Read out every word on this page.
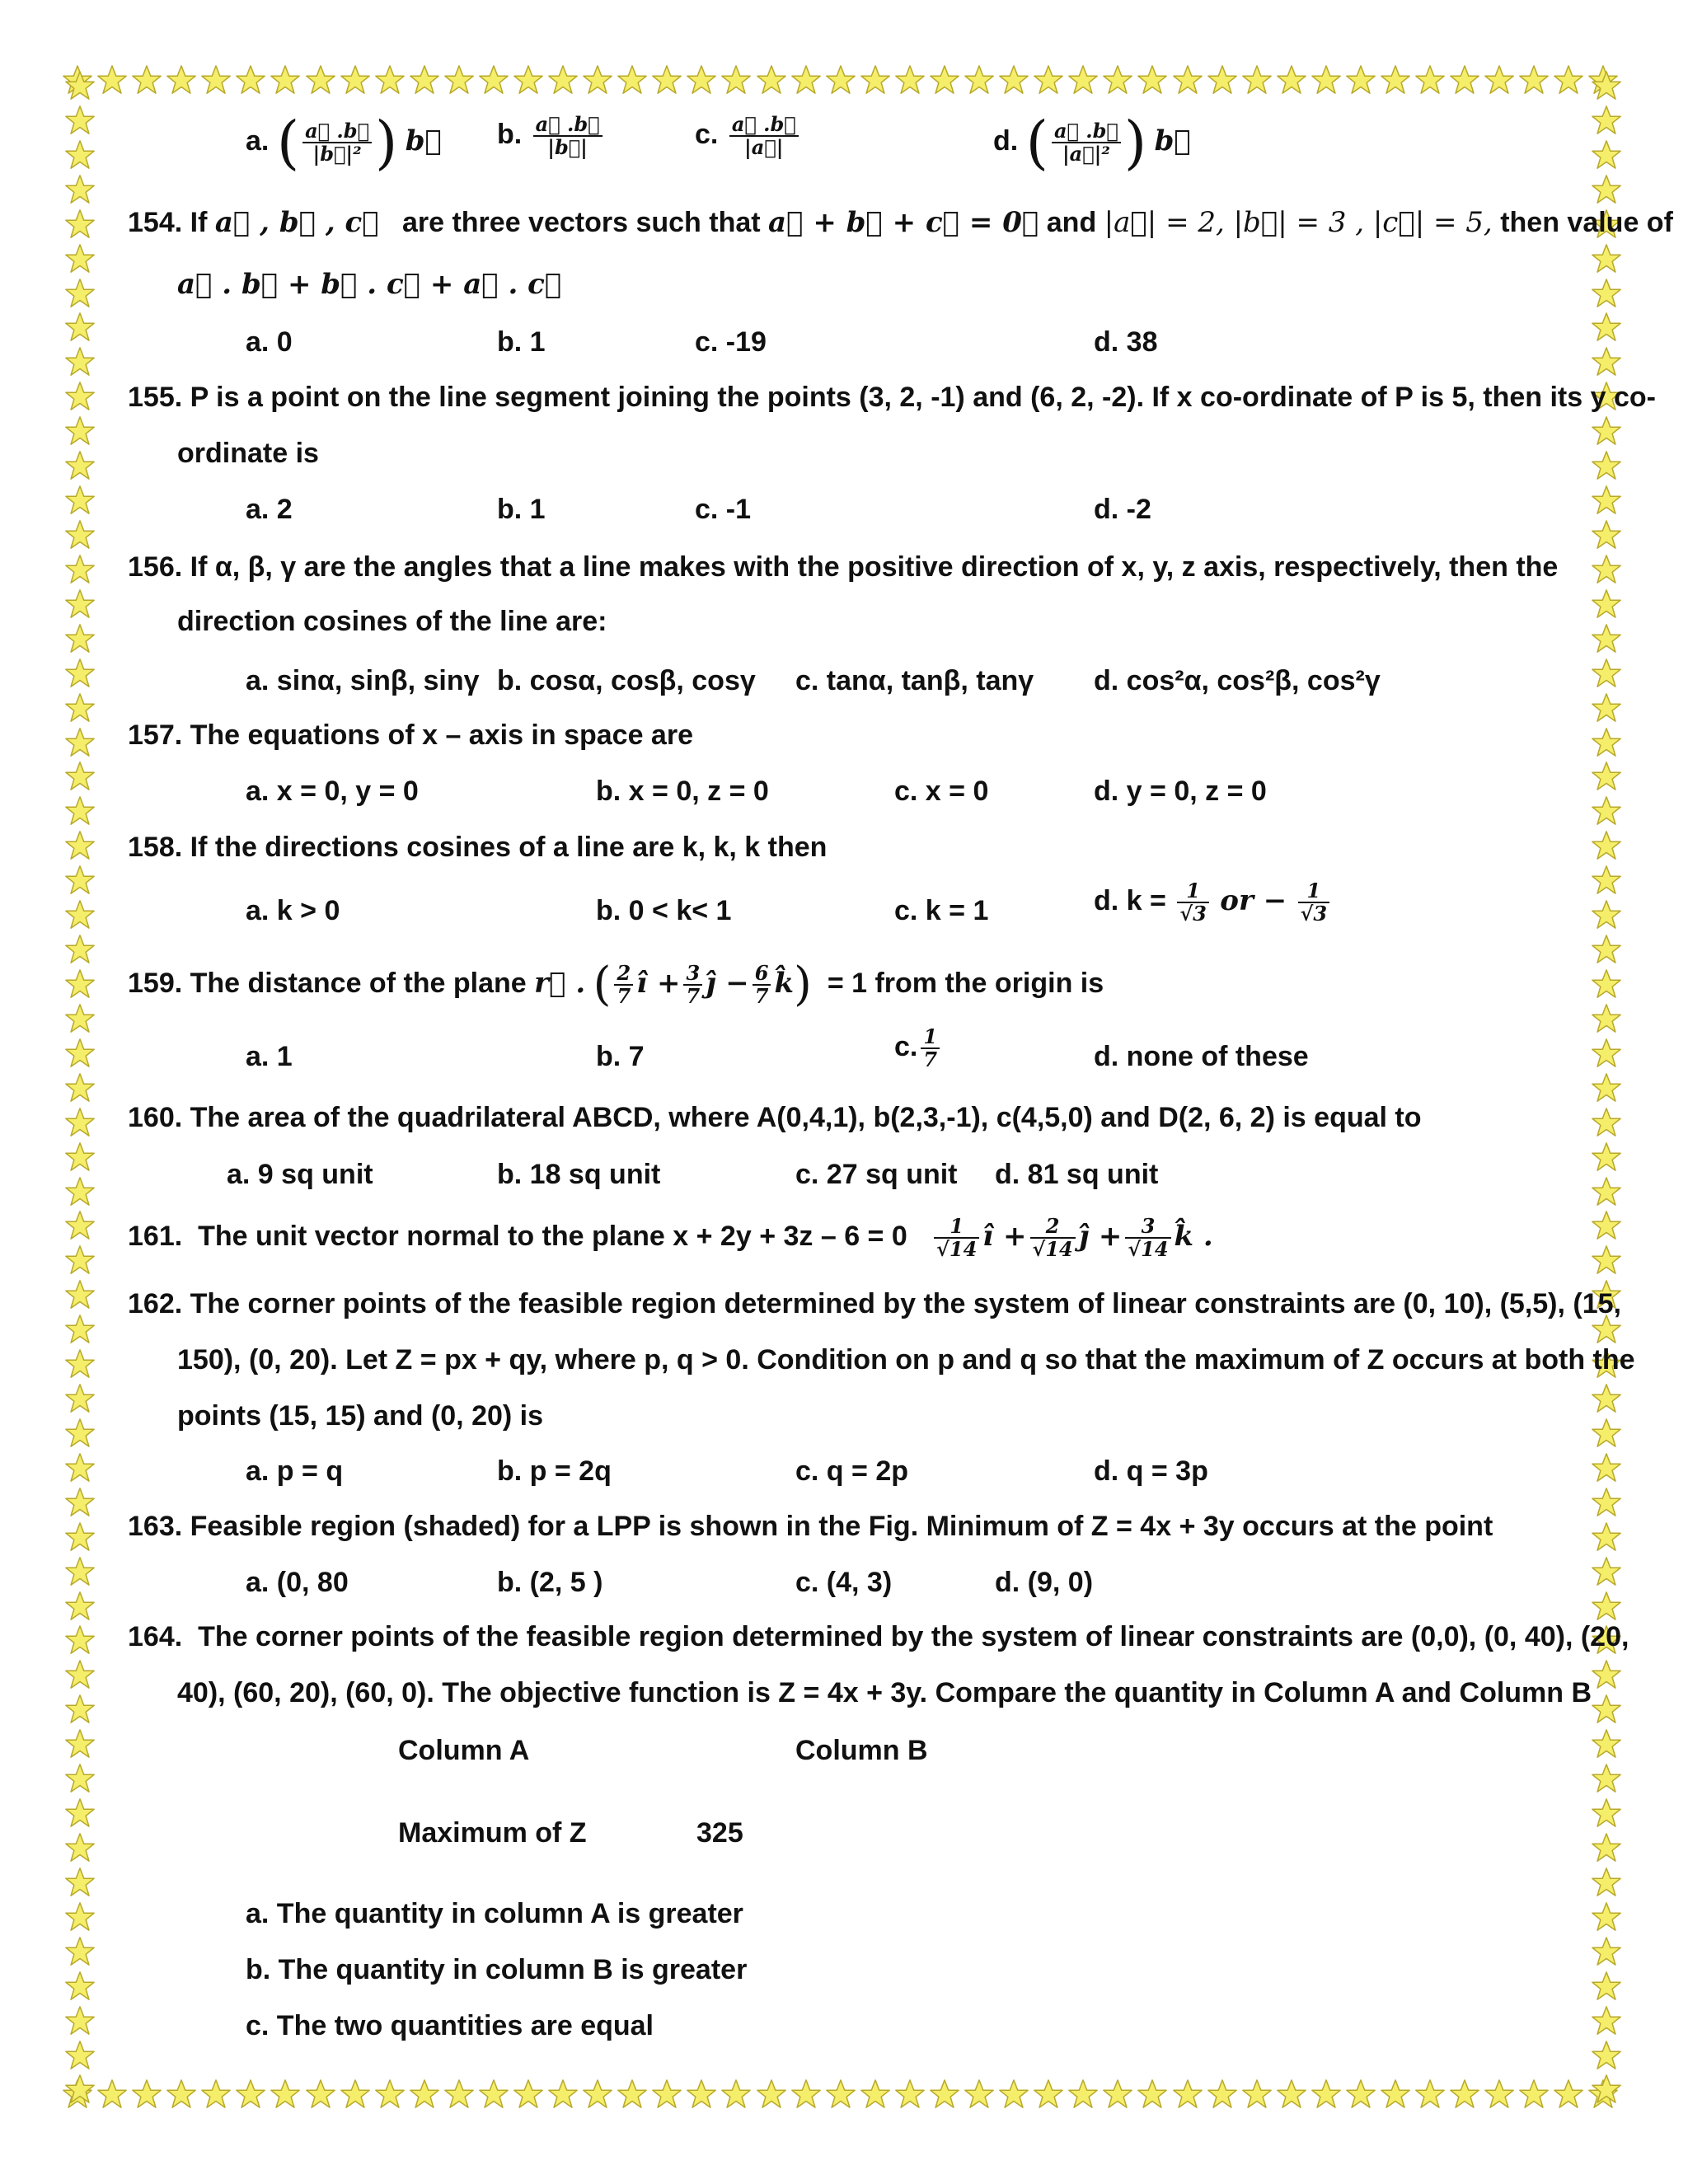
a. ( $\frac{a⃗ .b⃗}{\text{|b⃗|²}}$ ) b⃗ b. $\frac{a⃗ .b⃗}{|b⃗|}$	c. $\frac{a⃗ .b⃗}{|a⃗|}$	d. ( $\frac{a⃗ .b⃗}{\text{|a⃗|²}}$ ) b⃗
154. If a⃗ , b⃗ , c⃗ are three vectors such that a⃗ + b⃗ + c⃗ = 0⃗ and |a⃗| = 2, |b⃗| = 3 , |c⃗| = 5, then value of
a⃗ . b⃗ + b⃗ . c⃗ + a⃗ . c⃗
a. 0	b. 1	c. -19	d. 38
155. P is a point on the line segment joining the points (3, 2, -1) and (6, 2, -2). If x co-ordinate of P is 5, then its y co-
ordinate is
a. 2	b. 1	c. -1	d. -2
156. If α, β, γ are the angles that a line makes with the positive direction of x, y, z axis, respectively, then the
direction cosines of the line are:
a. sinα, sinβ, sinγ b. cosα, cosβ, cosγ c. tanα, tanβ, tanγ d. cos²α, cos²β, cos²γ
157. The equations of x – axis in space are
a. x = 0, y = 0	b. x = 0, z = 0	c. x = 0	d. y = 0, z = 0
158. If the directions cosines of a line are k, k, k then
a. k > 0	b. 0 < k< 1	c. k = 1	d. $k = \frac{1}{√3}$ or − $\frac{1}{√3}$
159. The distance of the plane r⃗ . ( $\frac{2}{7}$ î + $\frac{3}{7}$ ĵ − $\frac{6}{7}$ k̂) = 1 from the origin is
a. 1	b. 7	c. $\frac{1}{7}$	d. none of these
160. The area of the quadrilateral ABCD, where A(0,4,1), b(2,3,-1), c(4,5,0) and D(2, 6, 2) is equal to
a. 9 sq unit	b. 18 sq unit	c. 27 sq unit d. 81 sq unit
161. The unit vector normal to the plane $x + 2y + 3z - 6 = 0 \frac{1}{√14}$ î + $\frac{2}{√14}$ ĵ + $\frac{3}{√14}$ k̂ .
162. The corner points of the feasible region determined by the system of linear constraints are (0, 10), (5,5), (15,
150), (0, 20). Let Z = px + qy, where p, q > 0. Condition on p and q so that the maximum of Z occurs at both the
points (15, 15) and (0, 20) is
a. p = q	b. p = 2q	c. q = 2p	d. q = 3p
163. Feasible region (shaded) for a LPP is shown in the Fig. Minimum of Z = 4x + 3y occurs at the point
a. (0, 80	b. (2, 5 )	c. (4, 3)	d. (9, 0)
164. The corner points of the feasible region determined by the system of linear constraints are (0,0), (0, 40), (20,
40), (60, 20), (60, 0). The objective function is Z = 4x + 3y. Compare the quantity in Column A and Column B
Column A	Column B
Maximum of Z	325
a. The quantity in column A is greater
b. The quantity in column B is greater
c. The two quantities are equal
